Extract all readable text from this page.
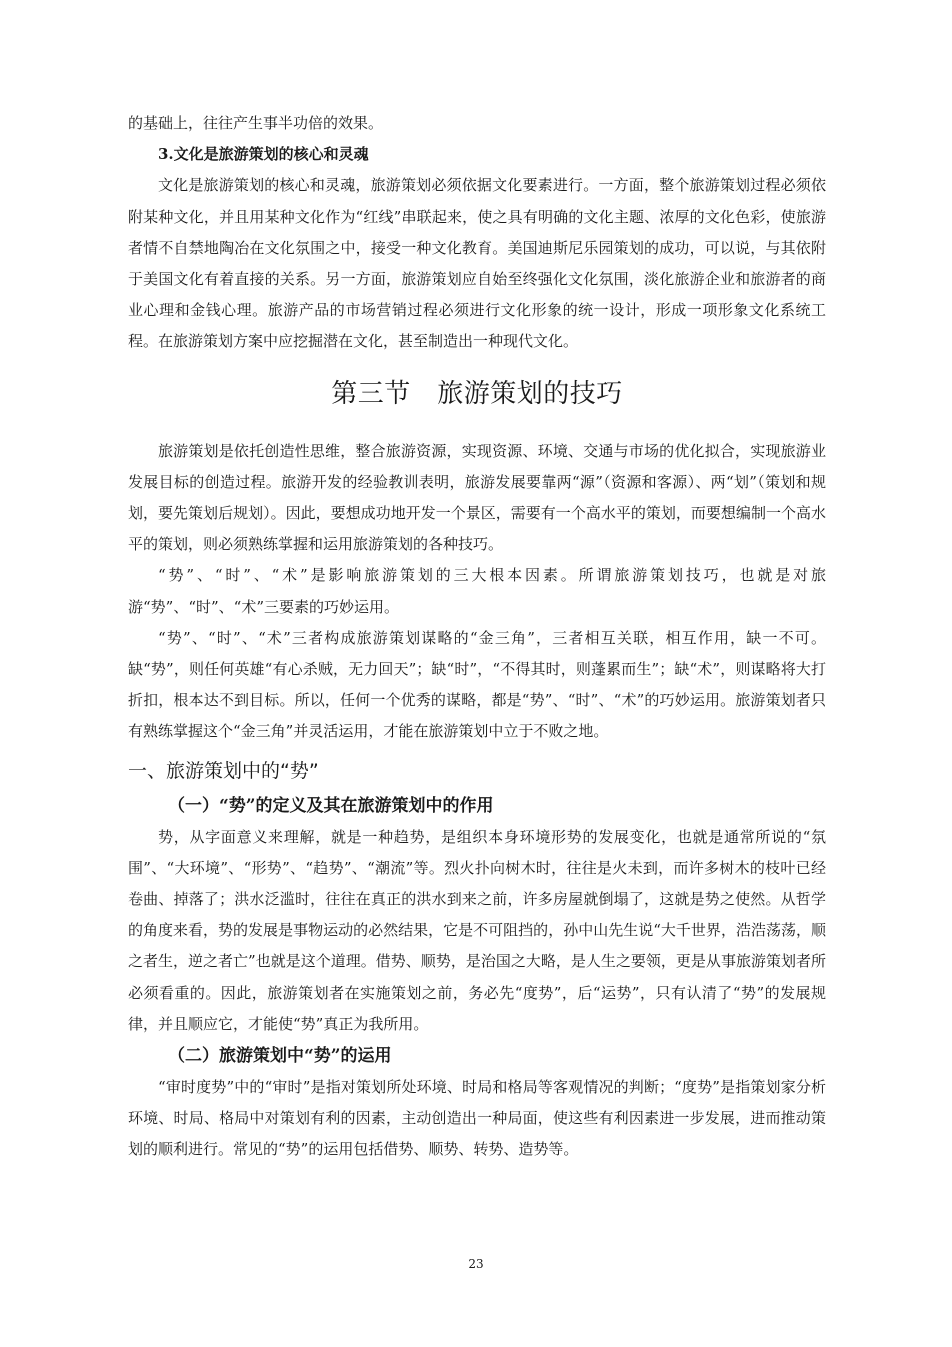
的基础上，往往产生事半功倍的效果。

3.文化是旅游策划的核心和灵魂

文化是旅游策划的核心和灵魂，旅游策划必须依据文化要素进行。一方面，整个旅游策划过程必须依附某种文化，并且用某种文化作为“红线”串联起来，使之具有明确的文化主题、浓厚的文化色彩，使旅游者情不自禁地陶冶在文化氛围之中，接受一种文化教育。美国迪斯尼乐园策划的成功，可以说，与其依附于美国文化有着直接的关系。另一方面，旅游策划应自始至终强化文化氛围，淡化旅游企业和旅游者的商业心理和金钱心理。旅游产品的市场营销过程必须进行文化形象的统一设计，形成一项形象文化系统工程。在旅游策划方案中应挖掘潜在文化，甚至制造出一种现代文化。

第三节　旅游策划的技巧

旅游策划是依托创造性思维，整合旅游资源，实现资源、环境、交通与市场的优化拟合，实现旅游业发展目标的创造过程。旅游开发的经验教训表明，旅游发展要靠两“源”（资源和客源）、两“划”（策划和规划，要先策划后规划）。因此，要想成功地开发一个景区，需要有一个高水平的策划，而要想编制一个高水平的策划，则必须熟练掌握和运用旅游策划的各种技巧。

“势”、“时”、“术”是影响旅游策划的三大根本因素。所谓旅游策划技巧，也就是对旅游“势”、“时”、“术”三要素的巧妙运用。

“势”、“时”、“术”三者构成旅游策划谋略的“金三角”，三者相互关联，相互作用，缺一不可。缺“势”，则任何英雄“有心杀贼，无力回天”；缺“时”，“不得其时，则蓬累而生”；缺“术”，则谋略将大打折扣，根本达不到目标。所以，任何一个优秀的谋略，都是“势”、“时”、“术”的巧妙运用。旅游策划者只有熟练掌握这个“金三角”并灵活运用，才能在旅游策划中立于不败之地。

一、旅游策划中的“势”
（一）“势”的定义及其在旅游策划中的作用

势，从字面意义来理解，就是一种趋势，是组织本身环境形势的发展变化，也就是通常所说的“氛围”、“大环境”、“形势”、“趋势”、“潮流”等。烈火扑向树木时，往往是火未到，而许多树木的枝叶已经卷曲、掉落了；洪水泛滥时，往往在真正的洪水到来之前，许多房屋就倒塌了，这就是势之使然。从哲学的角度来看，势的发展是事物运动的必然结果，它是不可阻挡的，孙中山先生说“大千世界，浩浩荡荡，顺之者生，逆之者亡”也就是这个道理。借势、顺势，是治国之大略，是人生之要领，更是从事旅游策划者所必须看重的。因此，旅游策划者在实施策划之前，务必先“度势”，后“运势”，只有认清了“势”的发展规律，并且顺应它，才能使“势”真正为我所用。

（二）旅游策划中“势”的运用

“审时度势”中的“审时”是指对策划所处环境、时局和格局等客观情况的判断；“度势”是指策划家分析环境、时局、格局中对策划有利的因素，主动创造出一种局面，使这些有利因素进一步发展，进而推动策划的顺利进行。常见的“势”的运用包括借势、顺势、转势、造势等。

23
